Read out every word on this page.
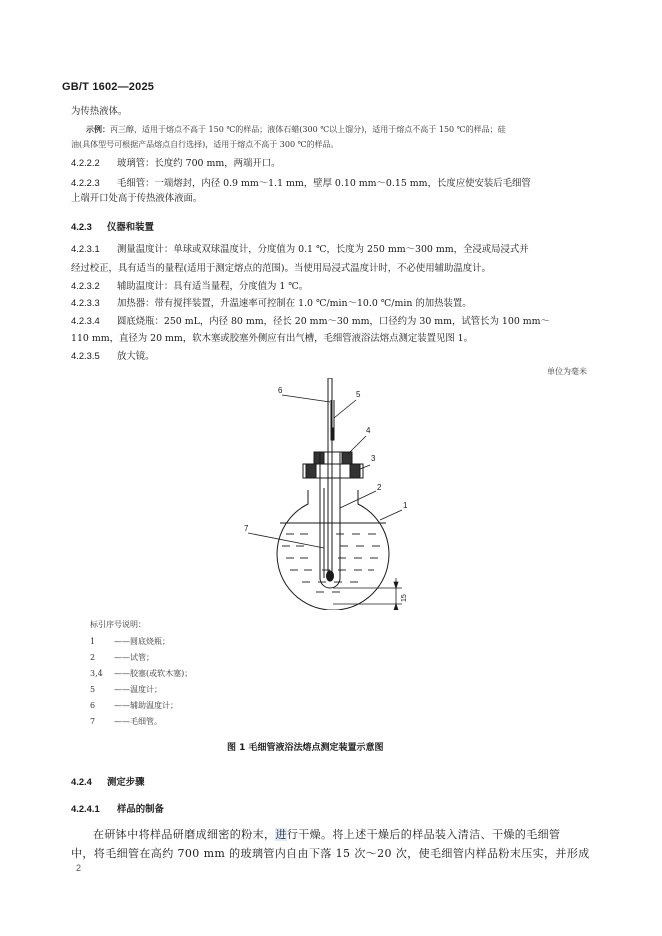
GB/T 1602—2025
为传热液体。
示例：丙三醇，适用于熔点不高于 150 ℃的样品；液体石蜡(300 ℃以上馏分)，适用于熔点不高于 150 ℃的样品；硅
油(具体型号可根据产品熔点自行选择)，适用于熔点不高于 300 ℃的样品。
4.2.2.2 玻璃管：长度约 700 mm，两端开口。
4.2.2.3 毛细管：一端熔封，内径 0.9 mm～1.1 mm，壁厚 0.10 mm～0.15 mm，长度应使安装后毛细管
上端开口处高于传热液体液面。
4.2.3 仪器和装置
4.2.3.1 测量温度计：单球或双球温度计，分度值为 0.1 ℃，长度为 250 mm～300 mm，全浸或局浸式并
经过校正，具有适当的量程(适用于测定熔点的范围)。当使用局浸式温度计时，不必使用辅助温度计。
4.2.3.2 辅助温度计：具有适当量程，分度值为 1 ℃。
4.2.3.3 加热器：带有搅拌装置，升温速率可控制在 1.0 ℃/min～10.0 ℃/min 的加热装置。
4.2.3.4 圆底烧瓶：250 mL，内径 80 mm，径长 20 mm～30 mm，口径约为 30 mm，试管长为 100 mm～
110 mm，直径为 20 mm，软木塞或胶塞外侧应有出气槽，毛细管液浴法熔点测定装置见图 1。
4.2.3.5 放大镜。
单位为毫米
6	5
4
3
2
1
7
15
标引序号说明：
1 ——圆底烧瓶；
2 ——试管；
3,4 ——胶塞(或软木塞)；
5 ——温度计；
6 ——辅助温度计；
7 ——毛细管。
图 1 毛细管液浴法熔点测定装置示意图
4.2.4 测定步骤
4.2.4.1 样品的制备
在研钵中将样品研磨成细密的粉末，进行干燥。将上述干燥后的样品装入清洁、干燥的毛细管
中，将毛细管在高约 700 mm 的玻璃管内自由下落 15 次～20 次，使毛细管内样品粉末压实，并形成
2
